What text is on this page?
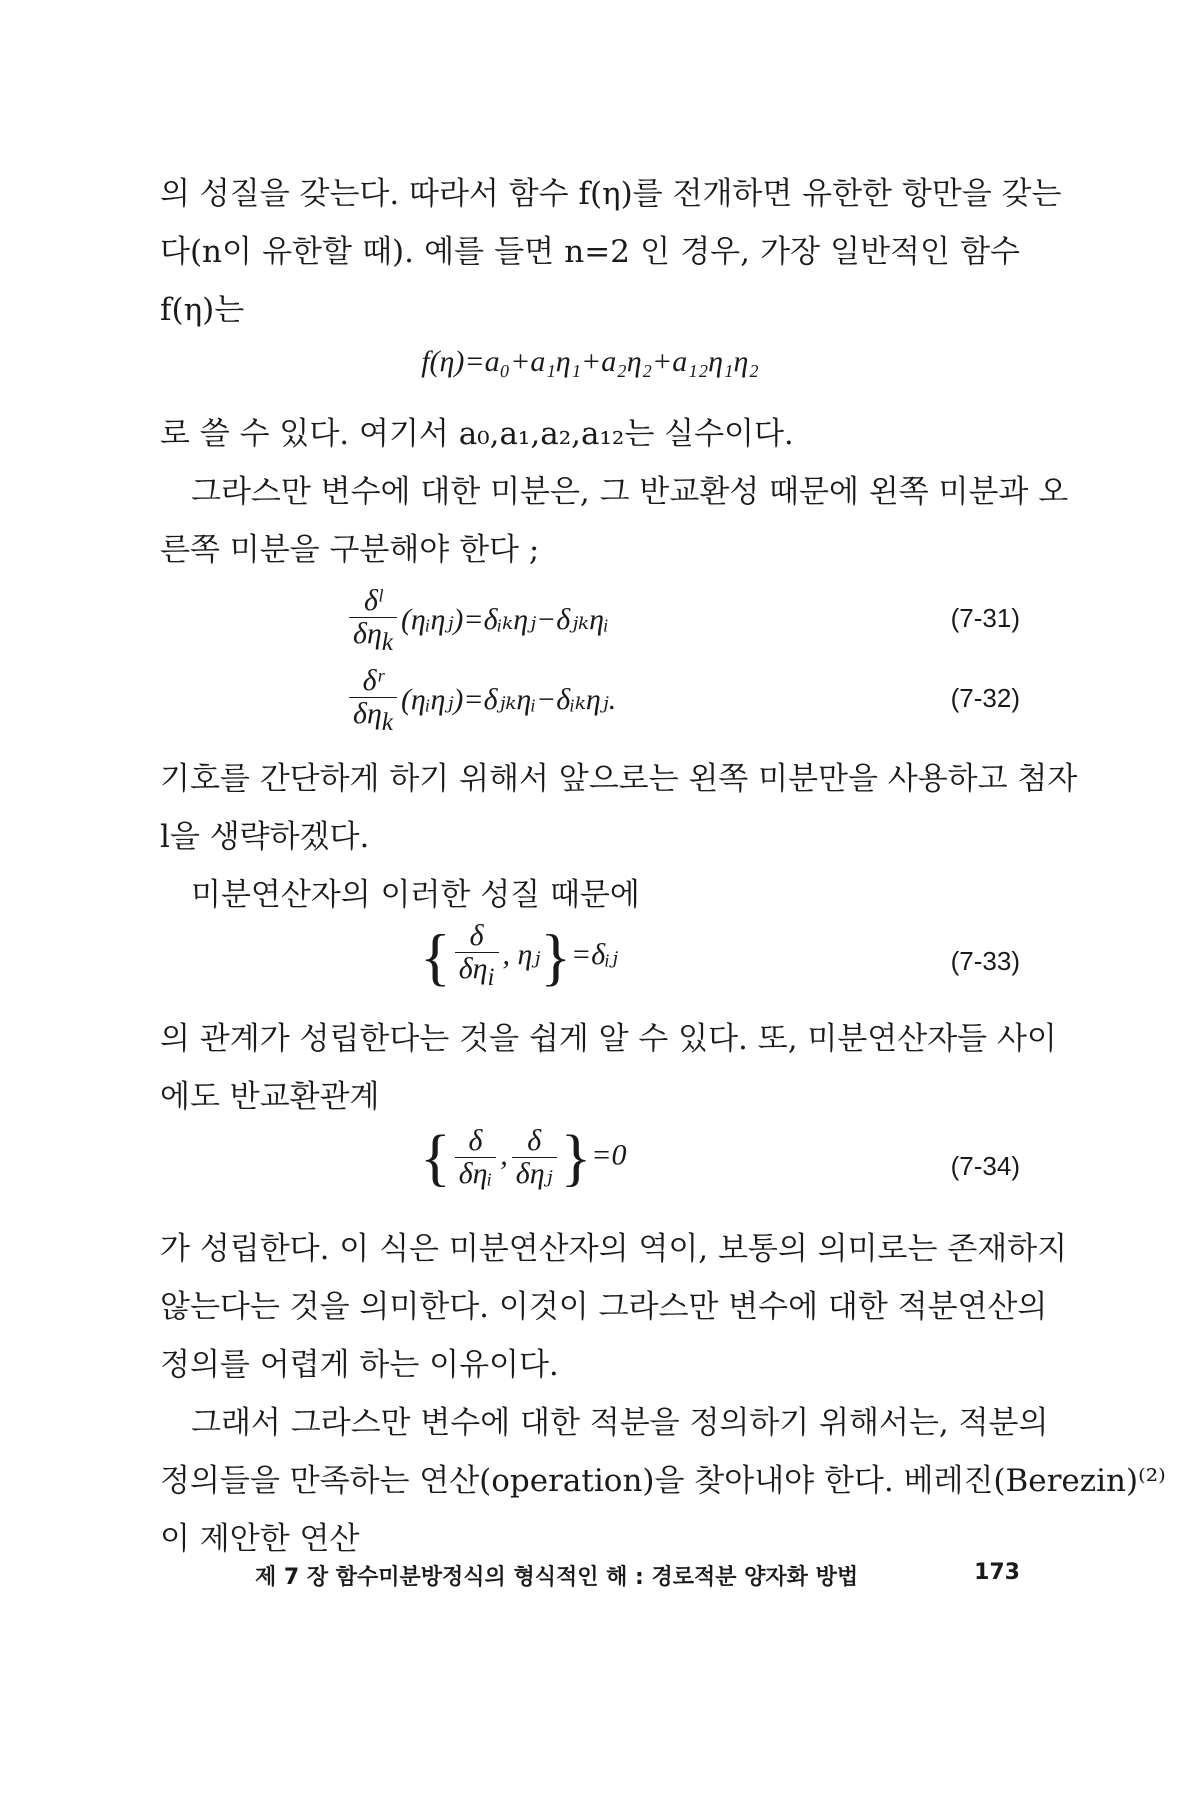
의 성질을 갖는다. 따라서 함수 f(η)를 전개하면 유한한 항만을 갖는
다(n이 유한할 때). 예를 들면 n=2 인 경우, 가장 일반적인 함수
f(η)는
f(η)=a₀+a₁η₁+a₂η₂+a₁₂η₁η₂
로 쓸 수 있다. 여기서 a₀,a₁,a₂,a₁₂는 실수이다.
그라스만 변수에 대한 미분은, 그 반교환성 때문에 왼쪽 미분과 오
른쪽 미분을 구분해야 한다 ;
$\frac{\text{δˡ}}{\delta\eta_k}$ (ηᵢηⱼ)=δᵢₖηⱼ−δⱼₖηᵢ	(7-31)
$\frac{\text{δʳ}}{\delta\eta_k}$ (ηᵢηⱼ)=δⱼₖηᵢ−δᵢₖηⱼ.	(7-32)
기호를 간단하게 하기 위해서 앞으로는 왼쪽 미분만을 사용하고 첨자
l을 생략하겠다.
미분연산자의 이러한 성질 때문에
{ $\frac{\delta}{\delta\eta_i}$ , ηⱼ}=δᵢⱼ	(7-33)
의 관계가 성립한다는 것을 쉽게 알 수 있다. 또, 미분연산자들 사이
에도 반교환관계
{ $\frac{\delta}{\text{δηᵢ}}$ , $\frac{\delta}{\text{δηⱼ}} \}=0$	(7-34)
가 성립한다. 이 식은 미분연산자의 역이, 보통의 의미로는 존재하지
않는다는 것을 의미한다. 이것이 그라스만 변수에 대한 적분연산의
정의를 어렵게 하는 이유이다.
그래서 그라스만 변수에 대한 적분을 정의하기 위해서는, 적분의
정의들을 만족하는 연산(operation)을 찾아내야 한다. 베레진(Berezin)⁽²⁾
이 제안한 연산
제 7 장 함수미분방정식의 형식적인 해 : 경로적분 양자화 방법	173
